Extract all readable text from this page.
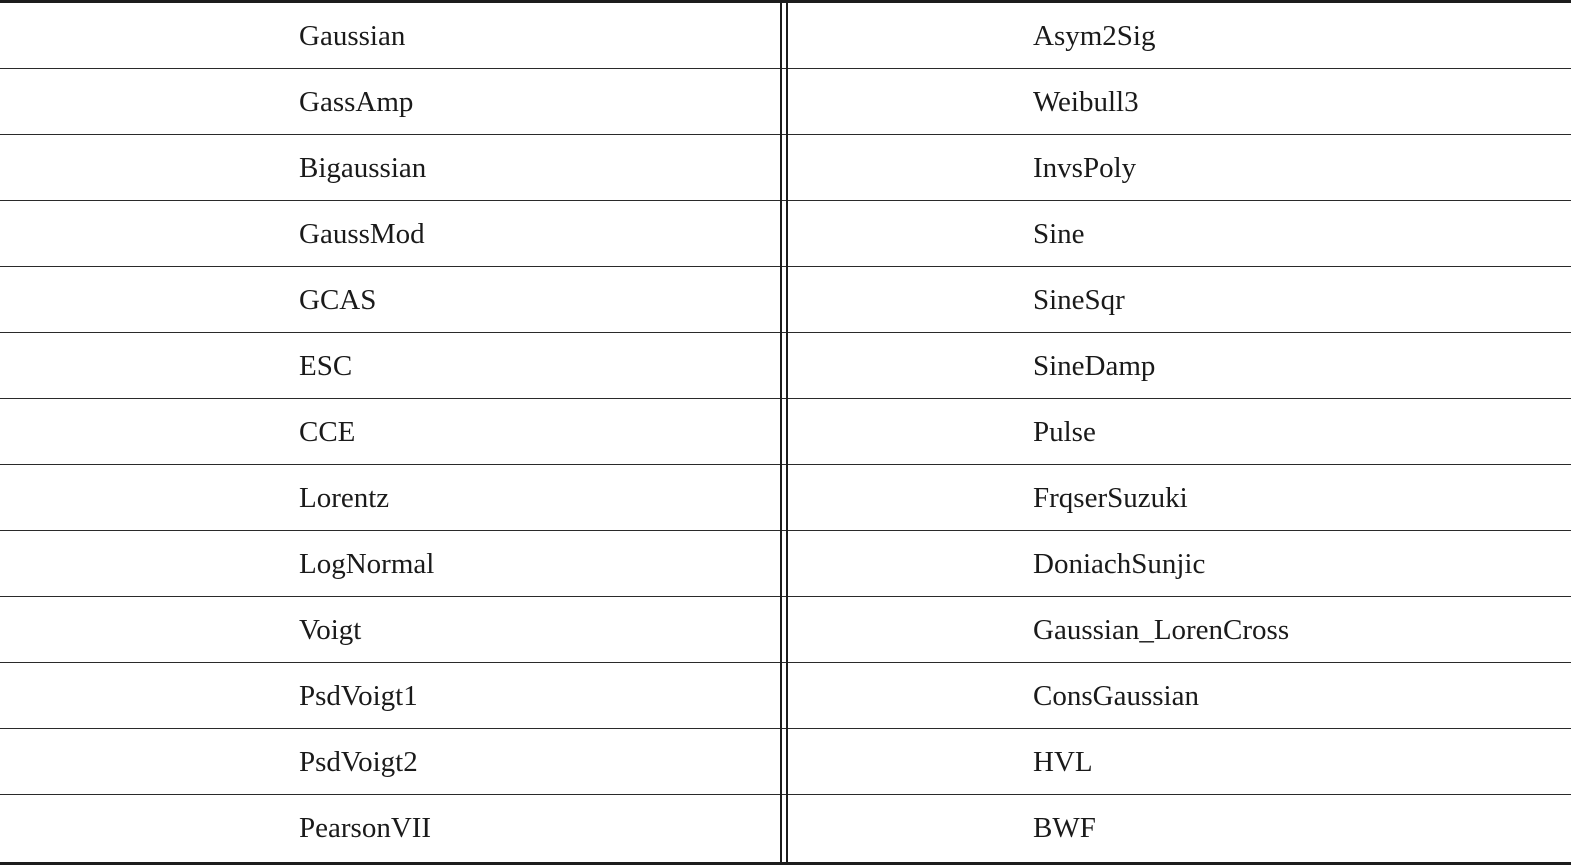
Gaussian	Asym2Sig
GassAmp	Weibull3
Bigaussian	InvsPoly
GaussMod	Sine
GCAS	SineSqr
ESC	SineDamp
CCE	Pulse
Lorentz	FrqserSuzuki
LogNormal	DoniachSunjic
Voigt	Gaussian_LorenCross
PsdVoigt1	ConsGaussian
PsdVoigt2	HVL
PearsonVII	BWF
